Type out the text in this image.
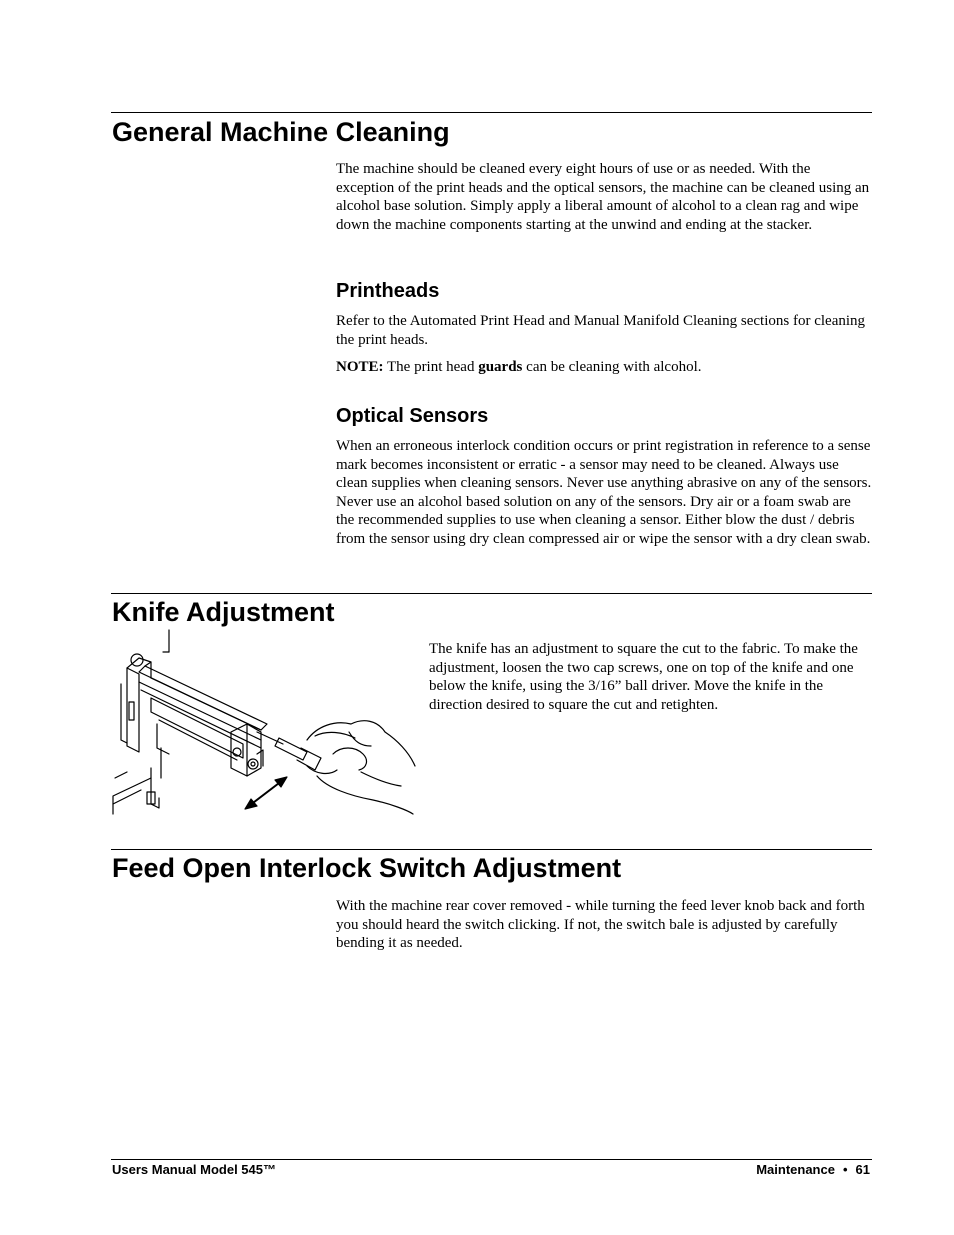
General Machine Cleaning

The machine should be cleaned every eight hours of use or as needed. With the exception of the print heads and the optical sensors, the machine can be cleaned using an alcohol base solution. Simply apply a liberal amount of alcohol to a clean rag and wipe down the machine components starting at the unwind and ending at the stacker.

Printheads

Refer to the Automated Print Head and Manual Manifold Cleaning sections for cleaning the print heads.

NOTE: The print head guards can be cleaning with alcohol.

Optical Sensors

When an erroneous interlock condition occurs or print registration in reference to a sense mark becomes inconsistent or erratic - a sensor may need to be cleaned. Always use clean supplies when cleaning sensors. Never use anything abrasive on any of the sensors. Never use an alcohol based solution on any of the sensors. Dry air or a foam swab are the recommended supplies to use when cleaning a sensor. Either blow the dust / debris from the sensor using dry clean compressed air or wipe the sensor with a dry clean swab.

Knife Adjustment

The knife has an adjustment to square the cut to the fabric. To make the adjustment, loosen the two cap screws, one on top of the knife and one below the knife, using the 3/16” ball driver. Move the knife in the direction desired to square the cut and retighten.

Feed Open Interlock Switch Adjustment

With the machine rear cover removed - while turning the feed lever knob back and forth you should heard the switch clicking. If not, the switch bale is adjusted by carefully bending it as needed.

Users Manual Model 545™	Maintenance • 61
